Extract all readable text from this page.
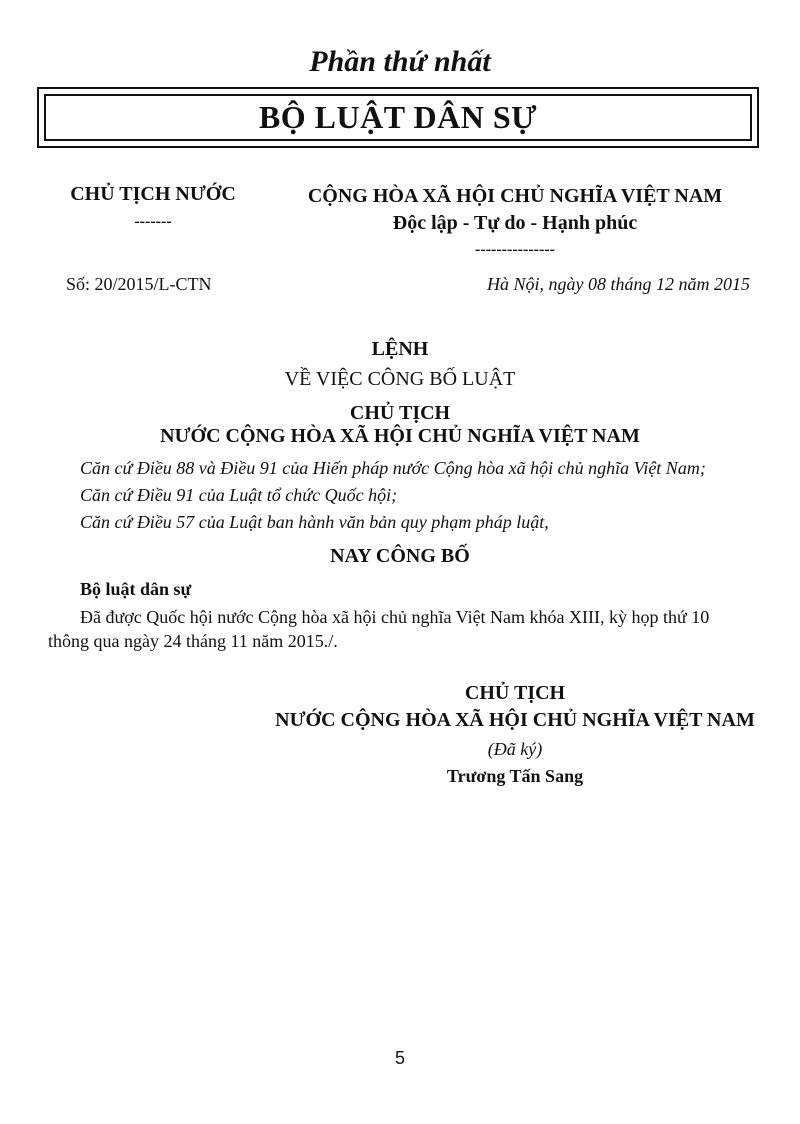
Phần thứ nhất
BỘ LUẬT DÂN SỰ
CHỦ TỊCH NƯỚC
-------
CỘNG HÒA XÃ HỘI CHỦ NGHĨA VIỆT NAM
Độc lập - Tự do - Hạnh phúc
---------------
Số: 20/2015/L-CTN	Hà Nội, ngày 08 tháng 12 năm 2015
LỆNH
VỀ VIỆC CÔNG BỐ LUẬT
CHỦ TỊCH
NƯỚC CỘNG HÒA XÃ HỘI CHỦ NGHĨA VIỆT NAM
Căn cứ Điều 88 và Điều 91 của Hiến pháp nước Cộng hòa xã hội chủ nghĩa Việt Nam;
Căn cứ Điều 91 của Luật tổ chức Quốc hội;
Căn cứ Điều 57 của Luật ban hành văn bản quy phạm pháp luật,
NAY CÔNG BỐ
Bộ luật dân sự
Đã được Quốc hội nước Cộng hòa xã hội chủ nghĩa Việt Nam khóa XIII, kỳ họp thứ 10
thông qua ngày 24 tháng 11 năm 2015./.
CHỦ TỊCH
NƯỚC CỘNG HÒA XÃ HỘI CHỦ NGHĨA VIỆT NAM
(Đã ký)
Trương Tấn Sang
5
